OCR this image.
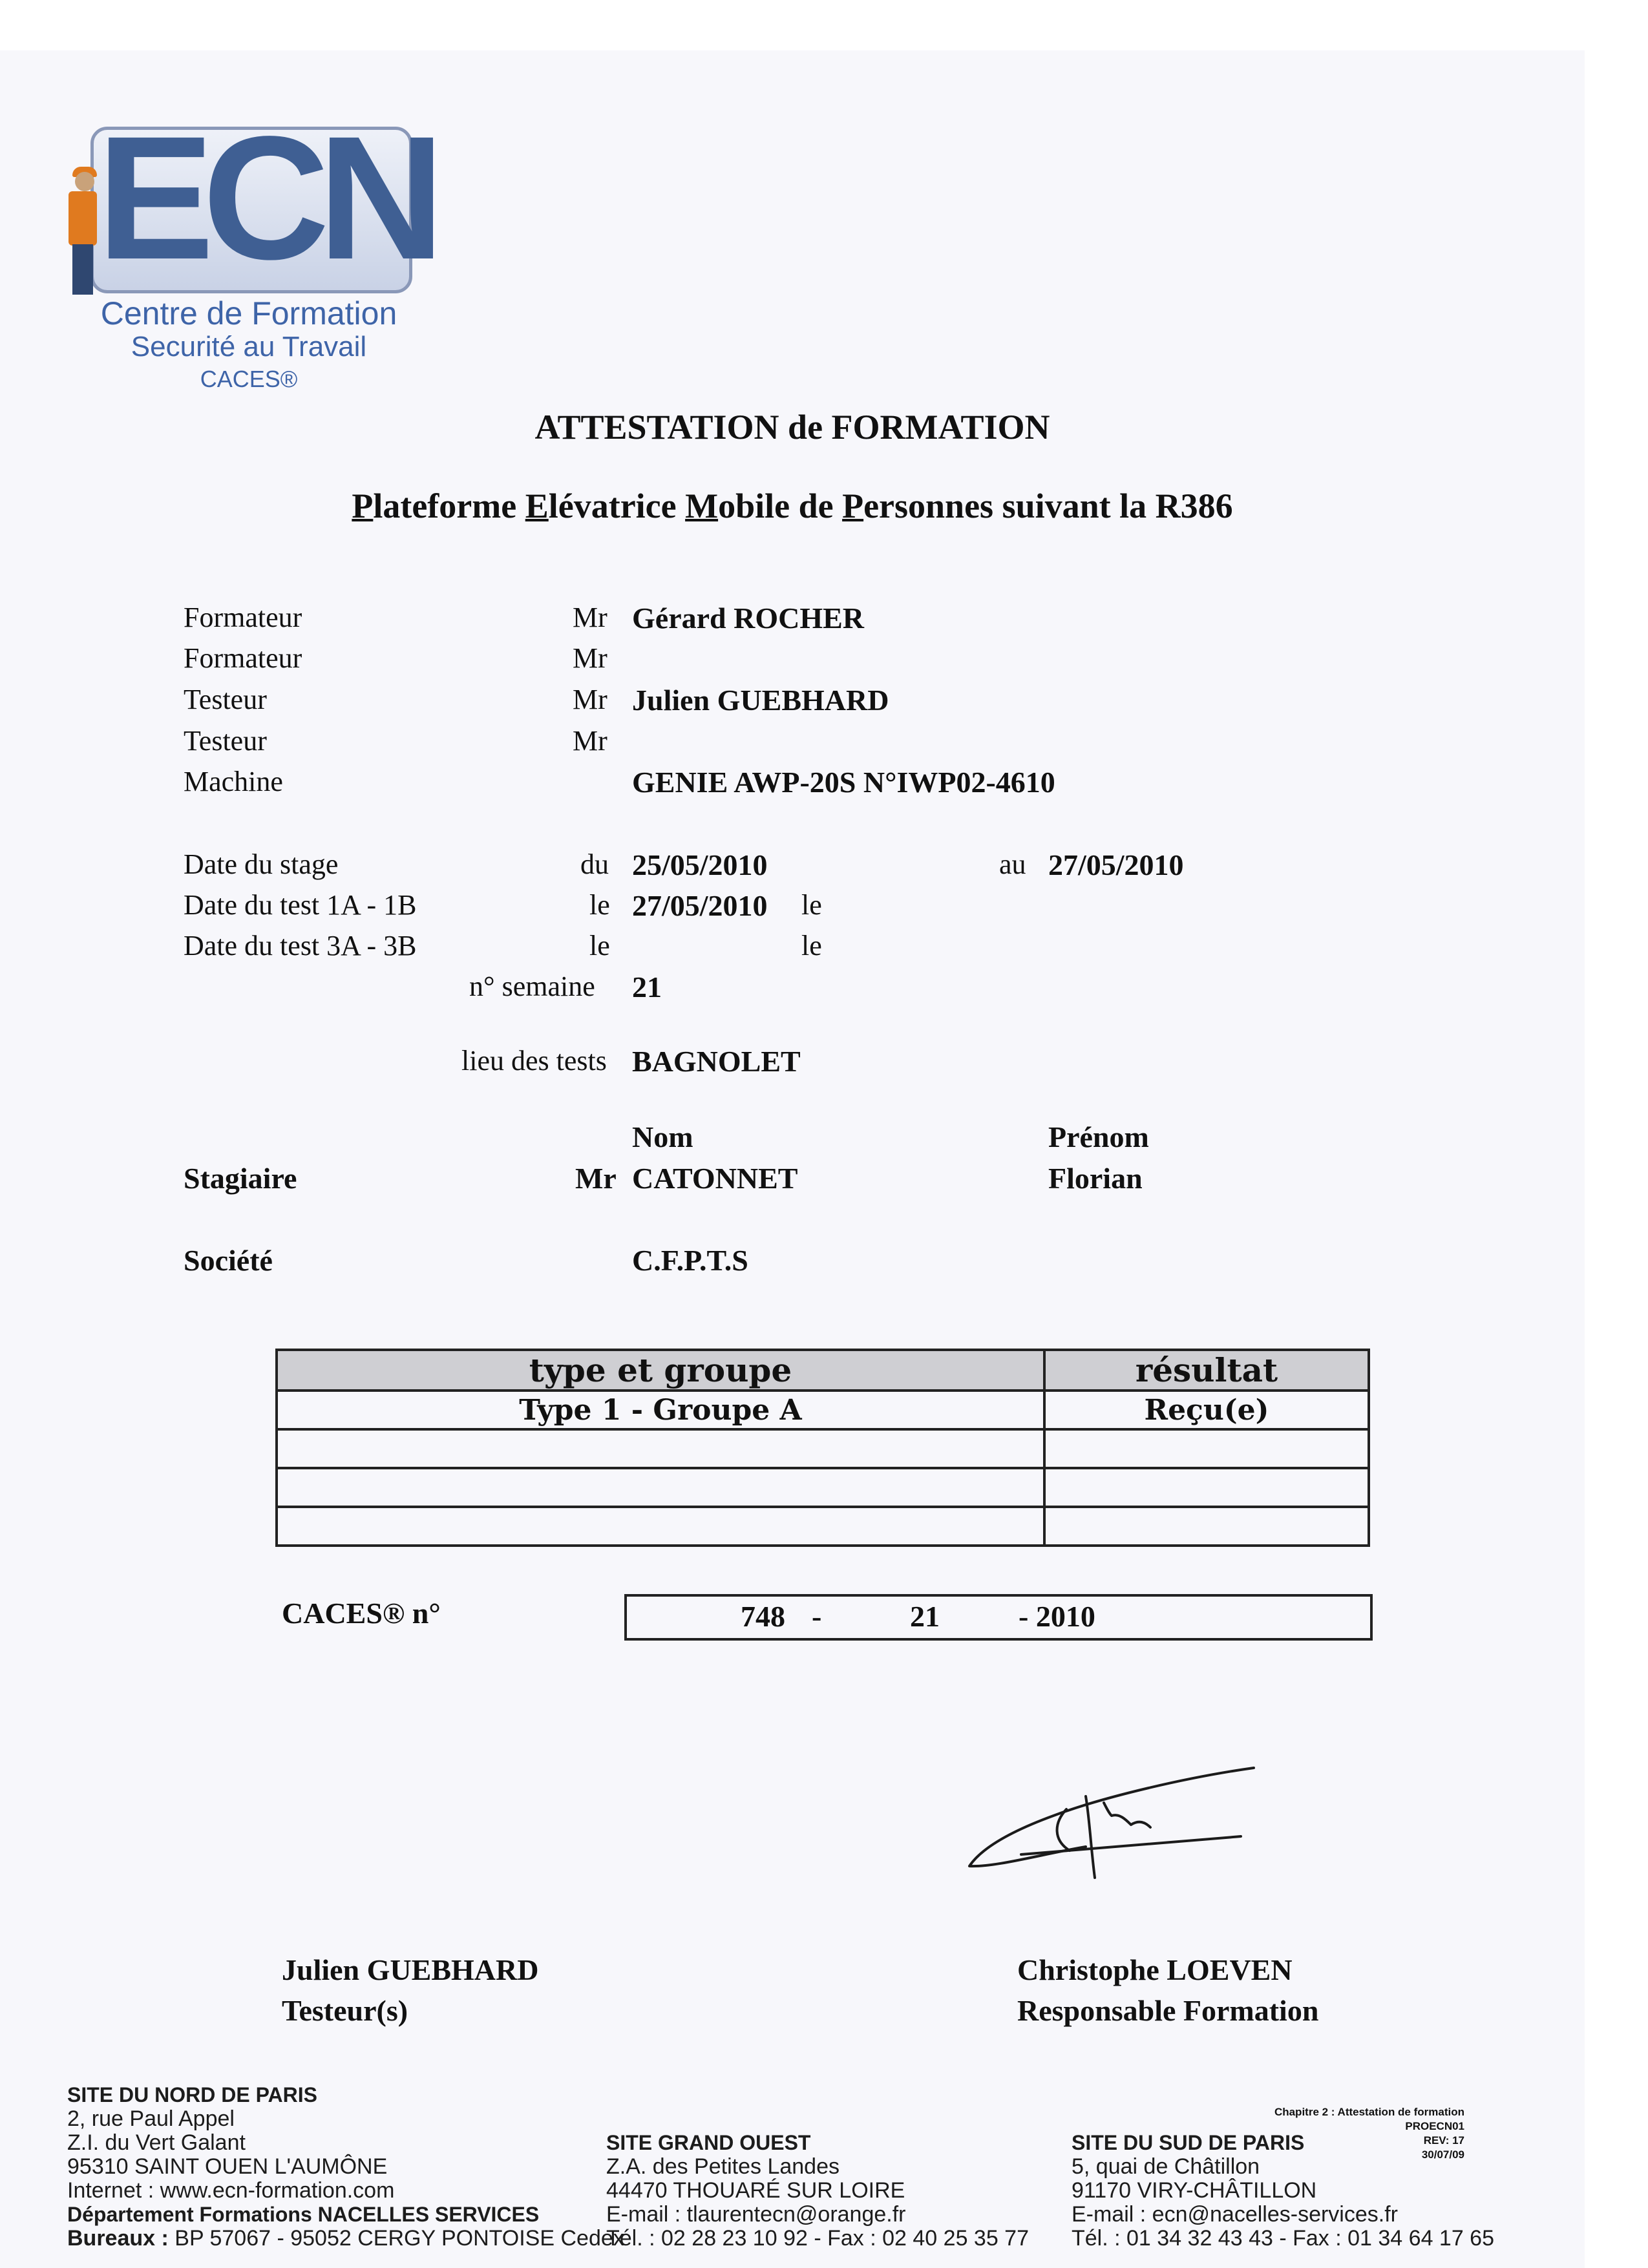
ECN
Centre de Formation
Securité au Travail
CACES®
ATTESTATION de FORMATION
Plateforme Elévatrice Mobile de Personnes suivant la R386
Formateur	Mr Gérard ROCHER
Formateur	Mr
Testeur	Mr Julien GUEBHARD
Testeur	Mr
Machine	GENIE AWP-20S N°IWP02-4610
Date du stage	du 25/05/2010	au 27/05/2010
Date du test 1A - 1B	le 27/05/2010 le
Date du test 3A - 3B	le	le
n° semaine 21
lieu des tests BAGNOLET
Nom	Prénom
Stagiaire	Mr CATONNET	Florian
Société	C.F.P.T.S
type et groupe	résultat
Type 1 - Groupe A	Reçu(e)

CACES® n°	748 -	21	- 2010
Julien GUEBHARD
Testeur(s)
Christophe LOEVEN
Responsable Formation
SITE DU NORD DE PARIS
2, rue Paul Appel
Z.I. du Vert Galant
95310 SAINT OUEN L'AUMÔNE
Internet : www.ecn-formation.com
Département Formations NACELLES SERVICES
Bureaux : BP 57067 - 95052 CERGY PONTOISE Cedex
SITE GRAND OUEST
Z.A. des Petites Landes
44470 THOUARÉ SUR LOIRE
E-mail : tlaurentecn@orange.fr
Tél. : 02 28 23 10 92 - Fax : 02 40 25 35 77
SITE DU SUD DE PARIS
5, quai de Châtillon
91170 VIRY-CHÂTILLON
E-mail : ecn@nacelles-services.fr
Tél. : 01 34 32 43 43 - Fax : 01 34 64 17 65
Chapitre 2 : Attestation de formation
PROECN01
REV: 17
30/07/09
